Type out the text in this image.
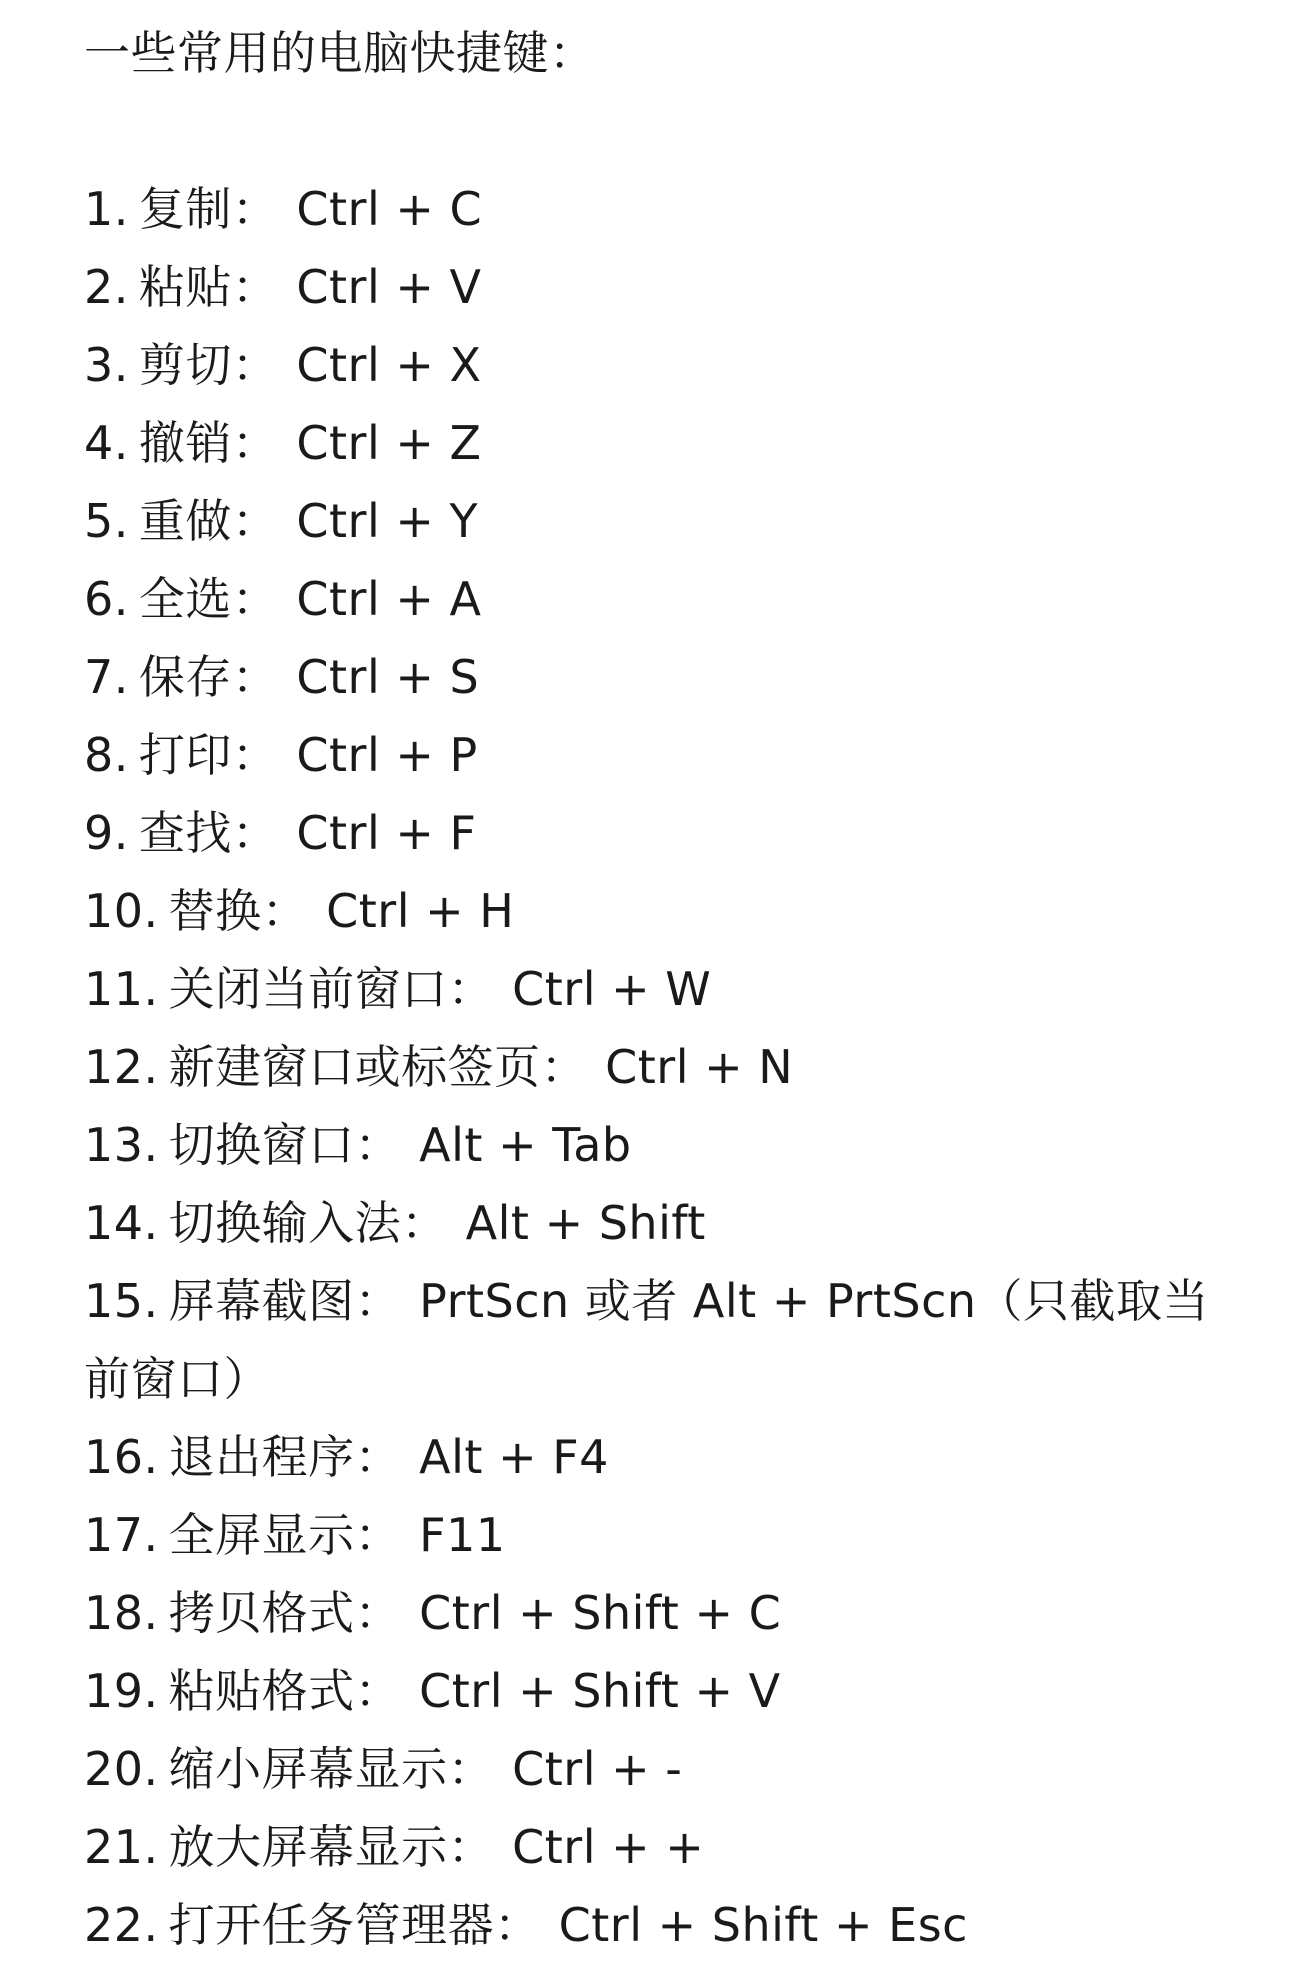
一些常用的电脑快捷键：

1. 复制： Ctrl + C
2. 粘贴： Ctrl + V
3. 剪切： Ctrl + X
4. 撤销： Ctrl + Z
5. 重做： Ctrl + Y
6. 全选： Ctrl + A
7. 保存： Ctrl + S
8. 打印： Ctrl + P
9. 查找： Ctrl + F
10. 替换： Ctrl + H
11. 关闭当前窗口： Ctrl + W
12. 新建窗口或标签页： Ctrl + N
13. 切换窗口： Alt + Tab
14. 切换输入法： Alt + Shift
15. 屏幕截图： PrtScn 或者 Alt + PrtScn（只截取当前窗口）
16. 退出程序： Alt + F4
17. 全屏显示： F11
18. 拷贝格式： Ctrl + Shift + C
19. 粘贴格式： Ctrl + Shift + V
20. 缩小屏幕显示： Ctrl + -
21. 放大屏幕显示： Ctrl + +
22. 打开任务管理器： Ctrl + Shift + Esc
